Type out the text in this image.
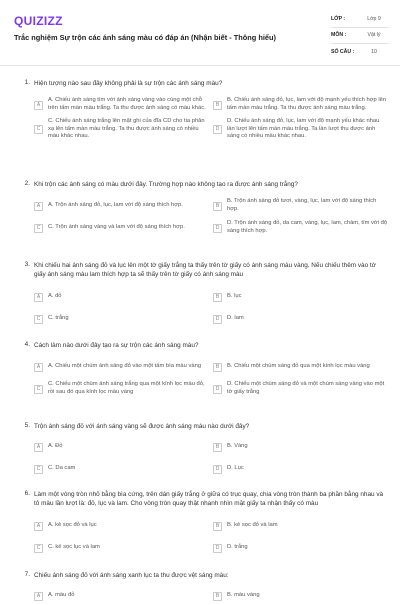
QUIZIZZ
Trắc nghiệm Sự trộn các ánh sáng màu có đáp án (Nhận biết - Thông hiểu)
LỚP :	Lớp 9
MÔN :	Vật lý
SỐ CÂU :	10
1. Hiện tượng nào sau đây không phải là sự trộn các ánh sáng màu?
A
A. Chiếu ánh sáng tím với ánh sáng vàng vào cùng một chỗ trên tấm màn màu trắng. Ta thu được ánh sáng có màu khác.
B
B. Chiếu ánh sáng đỏ, lục, lam với độ mạnh yếu thích hợp lên tấm màn màu trắng. Ta thu được ánh sáng màu trắng.
C
C. Chiếu ánh sáng trắng lên mặt ghi của đĩa CD cho tia phản xạ lên tấm màn màu trắng. Ta thu được ánh sáng có nhiều màu khác nhau.
D
D. Chiếu ánh sáng đỏ, lục, lam với độ mạnh yếu khác nhau lần lượt lên tấm màn màu trắng. Ta lần lượt thu được ánh sáng có nhiều màu khác nhau.
2. Khi trộn các ánh sáng có màu dưới đây. Trường hợp nào không tạo ra được ánh sáng trắng?
A	A. Trộn ánh sáng đỏ, lục, lam với độ sáng thích hợp.	B
B. Trộn ánh sáng đỏ tươi, vàng, lục, lam với độ sáng thích hợp.
C	C. Trộn ánh sáng vàng và lam với độ sáng thích hợp.	D
D. Trộn ánh sáng đỏ, da cam, vàng, lục, lam, chàm, tím với độ sáng thích hợp.
3. Khi chiếu hai ánh sáng đỏ và lục lên một tờ giấy trắng ta thấy trên tờ giấy có ánh sáng màu vàng. Nếu chiếu thêm vào tờ giấy ánh sáng màu lam thích hợp ta sẽ thấy trên tờ giấy có ánh sáng màu
A	A. đỏ	B	B. lục
C	C. trắng	D	D. lam
4. Cách làm nào dưới đây tạo ra sự trộn các ánh sáng màu?
A	A. Chiếu một chùm ánh sáng đỏ vào một tấm bìa màu vàng	B	B. Chiếu một chùm sáng đỏ qua một kính lọc màu vàng
C
C. Chiếu một chùm ánh sáng trắng qua một kính lọc màu đỏ, rồi sau đó qua kính lọc màu vàng
D
D. Chiếu một chùm sáng đỏ và một chùm sáng vàng vào một tờ giấy trắng
5. Trộn ánh sáng đỏ với ánh sáng vàng sẽ được ánh sáng màu nào dưới đây?
A	A. Đỏ	B	B. Vàng
C	C. Da cam	D	D. Lục
6. Làm một vòng tròn nhỏ bằng bìa cứng, trên dán giấy trắng ở giữa có trục quay, chia vòng tròn thành ba phần bằng nhau và tô màu lần lượt là: đỏ, lục và lam. Cho vòng tròn quay thật nhanh nhìn mặt giấy ta nhận thấy có màu
A	A. kẻ sọc đỏ và lục	B	B. kẻ sọc đỏ và lam
C	C. kẻ sọc lục và lam	D	D. trắng
7. Chiếu ánh sáng đỏ với ánh sáng xanh lục ta thu được vệt sáng màu:
A	A. màu đỏ	B	B. màu vàng
